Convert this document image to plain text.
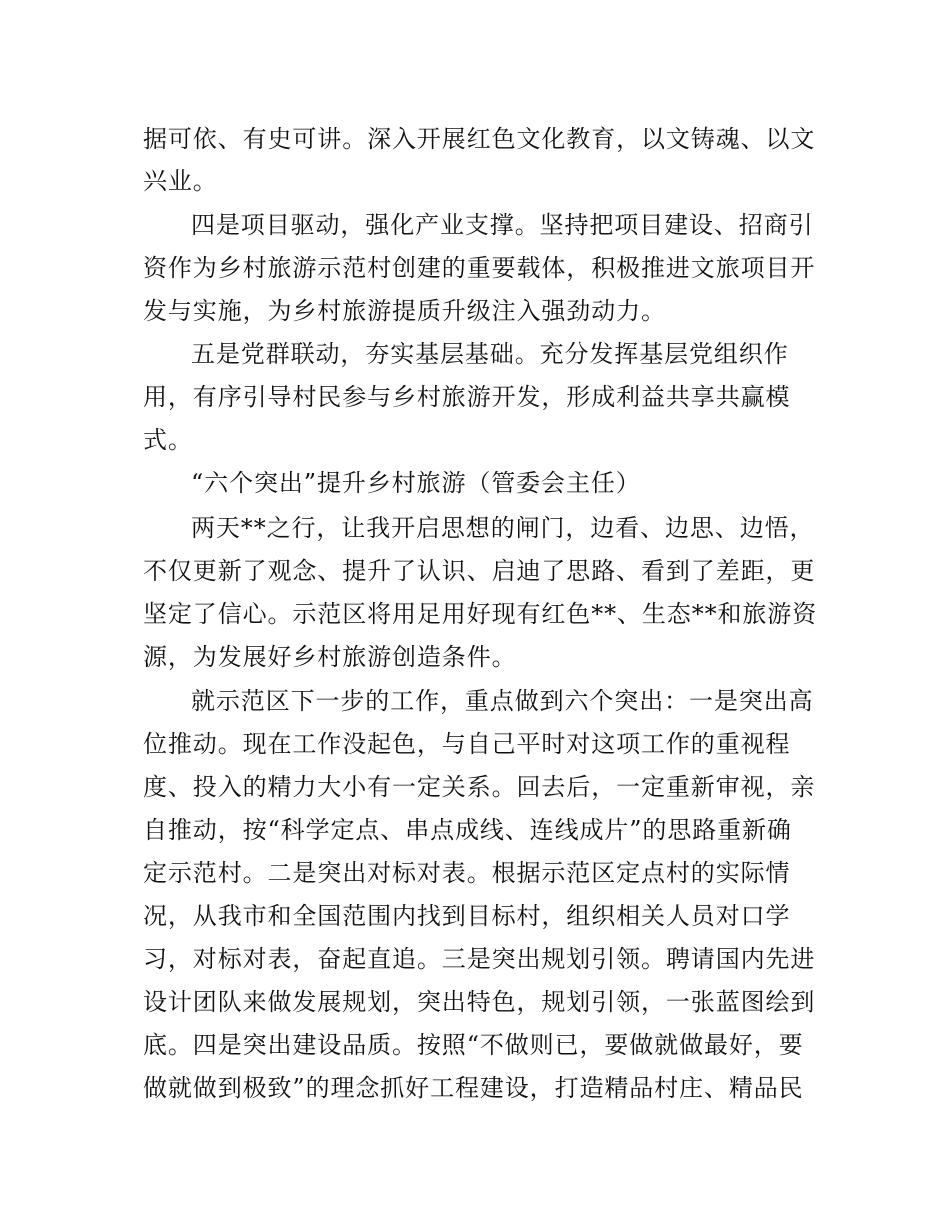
据可依、有史可讲。深入开展红色文化教育，以文铸魂、以文
兴业。
四是项目驱动，强化产业支撑。坚持把项目建设、招商引
资作为乡村旅游示范村创建的重要载体，积极推进文旅项目开
发与实施，为乡村旅游提质升级注入强劲动力。
五是党群联动，夯实基层基础。充分发挥基层党组织作
用，有序引导村民参与乡村旅游开发，形成利益共享共赢模
式。
“六个突出”提升乡村旅游（管委会主任）
两天**之行，让我开启思想的闸门，边看、边思、边悟，
不仅更新了观念、提升了认识、启迪了思路、看到了差距，更
坚定了信心。示范区将用足用好现有红色**、生态**和旅游资
源，为发展好乡村旅游创造条件。
就示范区下一步的工作，重点做到六个突出：一是突出高
位推动。现在工作没起色，与自己平时对这项工作的重视程
度、投入的精力大小有一定关系。回去后，一定重新审视，亲
自推动，按“科学定点、串点成线、连线成片”的思路重新确
定示范村。二是突出对标对表。根据示范区定点村的实际情
况，从我市和全国范围内找到目标村，组织相关人员对口学
习，对标对表，奋起直追。三是突出规划引领。聘请国内先进
设计团队来做发展规划，突出特色，规划引领，一张蓝图绘到
底。四是突出建设品质。按照“不做则已，要做就做最好，要
做就做到极致”的理念抓好工程建设，打造精品村庄、精品民
